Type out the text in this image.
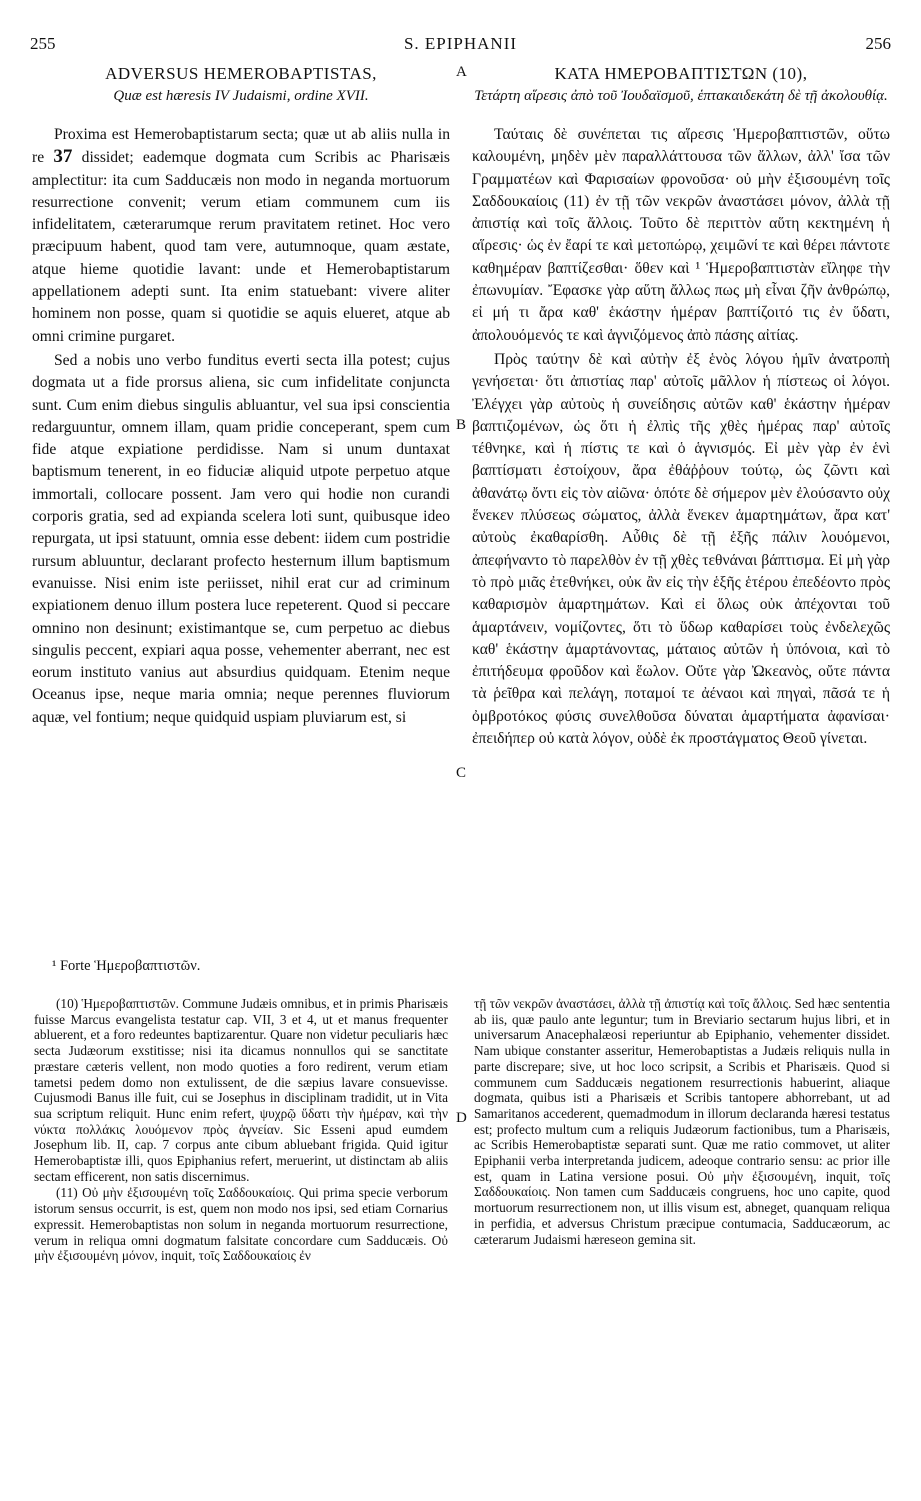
255	S. EPIPHANII	256
ADVERSUS HEMEROBAPTISTAS,
Quæ est hæresis IV Judaismi, ordine XVII.

Proxima est Hemerobaptistarum secta; quæ ut ab aliis nulla in re 37 dissidet; eademque dogmata cum Scribis ac Pharisæis amplectitur: ita cum Sadducæis non modo in neganda mortuorum resurrectione convenit; verum etiam communem cum iis infidelitatem, cæterarumque rerum pravitatem retinet. Hoc vero præcipuum habent, quod tam vere, autumnoque, quam æstate, atque hieme quotidie lavant: unde et Hemerobaptistarum appellationem adepti sunt. Ita enim statuebant: vivere aliter hominem non posse, quam si quotidie se aquis elueret, atque ab omni crimine purgaret.

Sed a nobis uno verbo funditus everti secta illa potest; cujus dogmata ut a fide prorsus aliena, sic cum infidelitate conjuncta sunt. Cum enim diebus singulis abluantur, vel sua ipsi conscientia redarguuntur, omnem illam, quam pridie conceperant, spem cum fide atque expiatione perdidisse. Nam si unum duntaxat baptismum tenerent, in eo fiduciæ aliquid utpote perpetuo atque immortali, collocare possent. Jam vero qui hodie non curandi corporis gratia, sed ad expianda scelera loti sunt, quibusque ideo repurgata, ut ipsi statuunt, omnia esse debent: iidem cum postridie rursum abluuntur, declarant profecto hesternum illum baptismum evanuisse. Nisi enim iste periisset, nihil erat cur ad criminum expiationem denuo illum postera luce repeterent. Quod si peccare omnino non desinunt; existimantque se, cum perpetuo ac diebus singulis peccent, expiari aqua posse, vehementer aberrant, nec est eorum instituto vanius aut absurdius quidquam. Etenim neque Oceanus ipse, neque maria omnia; neque perennes fluviorum aquæ, vel fontium; neque quidquid uspiam pluviarum est, si

ΚΑΤΑ ΗΜΕΡΟΒΑΠΤΙΣΤΩΝ (10),
Τετάρτη αἵρεσις ἀπὸ τοῦ Ἰουδαϊσμοῦ, ἑπτακαιδεκάτη δὲ τῇ ἀκολουθίᾳ.

Ταύταις δὲ συνέπεται τις αἵρεσις Ἡμεροβαπτιστῶν, οὕτω καλουμένη, μηδὲν μὲν παραλλάττουσα τῶν ἄλλων, ἀλλ' ἴσα τῶν Γραμματέων καὶ Φαρισαίων φρονοῦσα· οὐ μὴν ἐξισουμένη τοῖς Σαδδουκαίοις (11) ἐν τῇ τῶν νεκρῶν ἀναστάσει μόνον, ἀλλὰ τῇ ἀπιστίᾳ καὶ τοῖς ἄλλοις. Τοῦτο δὲ περιττὸν αὕτη κεκτημένη ἡ αἵρεσις· ὡς ἐν ἔαρί τε καὶ μετοπώρῳ, χειμῶνί τε καὶ θέρει πάντοτε καθημέραν βαπτίζεσθαι· ὅθεν καὶ ¹ Ἡμεροβαπτιστὰν εἴληφε τὴν ἐπωνυμίαν. Ἔφασκε γὰρ αὕτη ἄλλως πως μὴ εἶναι ζῆν ἀνθρώπῳ, εἰ μή τι ἄρα καθ' ἑκάστην ἡμέραν βαπτίζοιτό τις ἐν ὕδατι, ἀπολουόμενός τε καὶ ἁγνιζόμενος ἀπὸ πάσης αἰτίας.

Πρὸς ταύτην δὲ καὶ αὐτὴν ἐξ ἑνὸς λόγου ἡμῖν ἀνατροπὴ γενήσεται· ὅτι ἀπιστίας παρ' αὐτοῖς μᾶλλον ἡ πίστεως οἱ λόγοι. Ἐλέγχει γὰρ αὐτοὺς ἡ συνείδησις αὐτῶν καθ' ἑκάστην ἡμέραν βαπτιζομένων, ὡς ὅτι ἡ ἐλπὶς τῆς χθὲς ἡμέρας παρ' αὐτοῖς τέθνηκε, καὶ ἡ πίστις τε καὶ ὁ ἁγνισμός. Εἰ μὲν γὰρ ἐν ἑνὶ βαπτίσματι ἐστοίχουν, ἄρα ἐθάῤῥουν τούτῳ, ὡς ζῶντι καὶ ἀθανάτῳ ὄντι εἰς τὸν αἰῶνα· ὁπότε δὲ σήμερον μὲν ἐλούσαντο οὐχ ἕνεκεν πλύσεως σώματος, ἀλλὰ ἕνεκεν ἁμαρτημάτων, ἄρα κατ' αὐτοὺς ἐκαθαρίσθη. Αὖθις δὲ τῇ ἑξῆς πάλιν λουόμενοι, ἀπεφήναντο τὸ παρελθὸν ἐν τῇ χθὲς τεθνάναι βάπτισμα. Εἰ μὴ γὰρ τὸ πρὸ μιᾶς ἐτεθνήκει, οὐκ ἂν εἰς τὴν ἑξῆς ἑτέρου ἐπεδέοντο πρὸς καθαρισμὸν ἁμαρτημάτων. Καὶ εἰ ὅλως οὐκ ἀπέχονται τοῦ ἁμαρτάνειν, νομίζοντες, ὅτι τὸ ὕδωρ καθαρίσει τοὺς ἐνδελεχῶς καθ' ἑκάστην ἁμαρτάνοντας, μάταιος αὐτῶν ἡ ὑπόνοια, καὶ τὸ ἐπιτήδευμα φροῦδον καὶ ἕωλον. Οὔτε γὰρ Ὠκεανὸς, οὔτε πάντα τὰ ῥεῖθρα καὶ πελάγη, ποταμοί τε ἀέναοι καὶ πηγαὶ, πᾶσά τε ἡ ὀμβροτόκος φύσις συνελθοῦσα δύναται ἁμαρτήματα ἀφανίσαι· ἐπειδήπερ οὐ κατὰ λόγον, οὐδὲ ἐκ προστάγματος Θεοῦ γίνεται.

A
B
C
D
¹ Forte Ἡμεροβαπτιστῶν.

(10) Ἡμεροβαπτιστῶν. Commune Judæis omnibus, et in primis Pharisæis fuisse Marcus evangelista testatur cap. VII, 3 et 4, ut et manus frequenter abluerent, et a foro redeuntes baptizarentur. Quare non videtur peculiaris hæc secta Judæorum exstitisse; nisi ita dicamus nonnullos qui se sanctitate præstare cæteris vellent, non modo quoties a foro redirent, verum etiam tametsi pedem domo non extulissent, de die sæpius lavare consuevisse. Cujusmodi Banus ille fuit, cui se Josephus in disciplinam tradidit, ut in Vita sua scriptum reliquit. Hunc enim refert, ψυχρῷ ὕδατι τὴν ἡμέραν, καὶ τὴν νύκτα πολλάκις λουόμενον πρὸς ἁγνείαν. Sic Esseni apud eumdem Josephum lib. II, cap. 7 corpus ante cibum abluebant frigida. Quid igitur Hemerobaptistæ illi, quos Epiphanius refert, meruerint, ut distinctam ab aliis sectam efficerent, non satis discernimus.

(11) Οὐ μὴν ἐξισουμένη τοῖς Σαδδουκαίοις. Qui prima specie verborum istorum sensus occurrit, is est, quem non modo nos ipsi, sed etiam Cornarius expressit. Hemerobaptistas non solum in neganda mortuorum resurrectione, verum in reliqua omni dogmatum falsitate concordare cum Sadducæis. Οὐ μὴν ἐξισουμένη μόνον, inquit, τοῖς Σαδδουκαίοις ἐν

τῇ τῶν νεκρῶν ἀναστάσει, ἀλλὰ τῇ ἀπιστίᾳ καὶ τοῖς ἄλλοις. Sed hæc sententia ab iis, quæ paulo ante leguntur; tum in Breviario sectarum hujus libri, et in universarum Anacephalæosi reperiuntur ab Epiphanio, vehementer dissidet. Nam ubique constanter asseritur, Hemerobaptistas a Judæis reliquis nulla in parte discrepare; sive, ut hoc loco scripsit, a Scribis et Pharisæis. Quod si communem cum Sadducæis negationem resurrectionis habuerint, aliaque dogmata, quibus isti a Pharisæis et Scribis tantopere abhorrebant, ut ad Samaritanos accederent, quemadmodum in illorum declaranda hæresi testatus est; profecto multum cum a reliquis Judæorum factionibus, tum a Pharisæis, ac Scribis Hemerobaptistæ separati sunt. Quæ me ratio commovet, ut aliter Epiphanii verba interpretanda judicem, adeoque contrario sensu: ac prior ille est, quam in Latina versione posui. Οὐ μὴν ἐξισουμένη, inquit, τοῖς Σαδδουκαίοις. Non tamen cum Sadducæis congruens, hoc uno capite, quod mortuorum resurrectionem non, ut illis visum est, abneget, quanquam reliqua in perfidia, et adversus Christum præcipue contumacia, Sadducæorum, ac cæterarum Judaismi hæreseon gemina sit.
